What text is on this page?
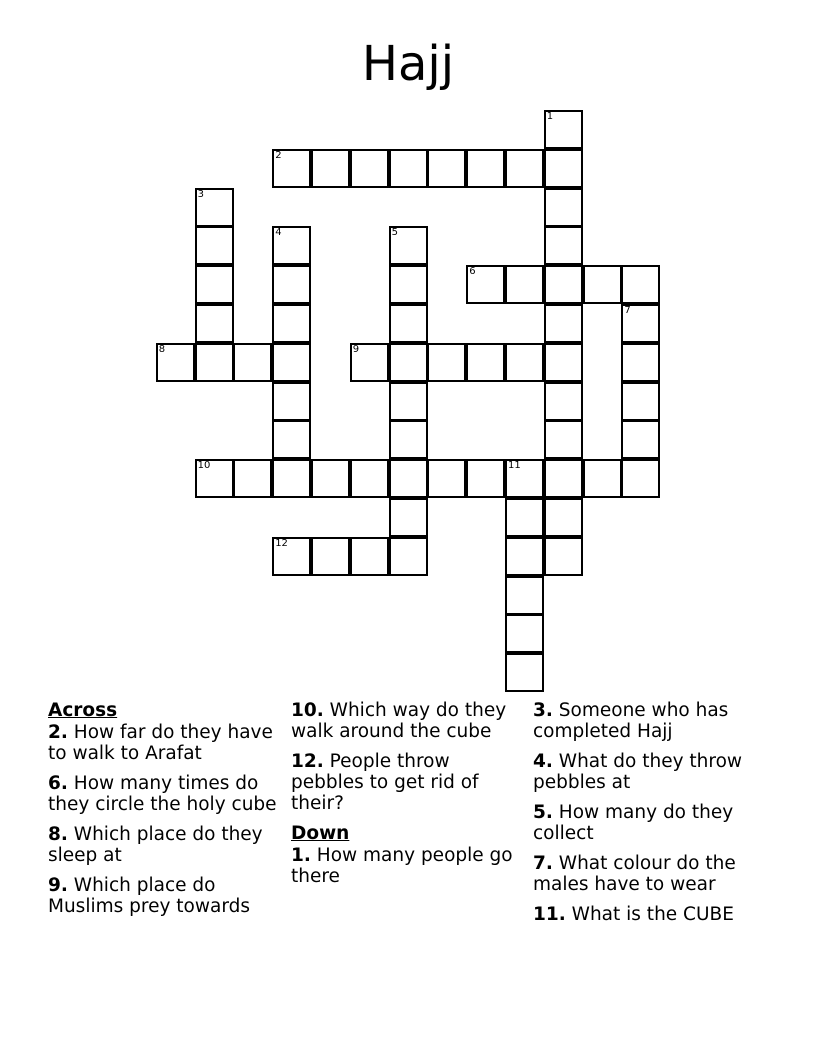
Hajj
1
2
3
4	5
6
7
8	9
10	11
12
Across
2. How far do they have to walk to Arafat
6. How many times do they circle the holy cube
8. Which place do they sleep at
9. Which place do Muslims prey towards
10. Which way do they walk around the cube
12. People throw pebbles to get rid of their?
Down
1. How many people go there
3. Someone who has completed Hajj
4. What do they throw pebbles at
5. How many do they collect
7. What colour do the males have to wear
11. What is the CUBE
